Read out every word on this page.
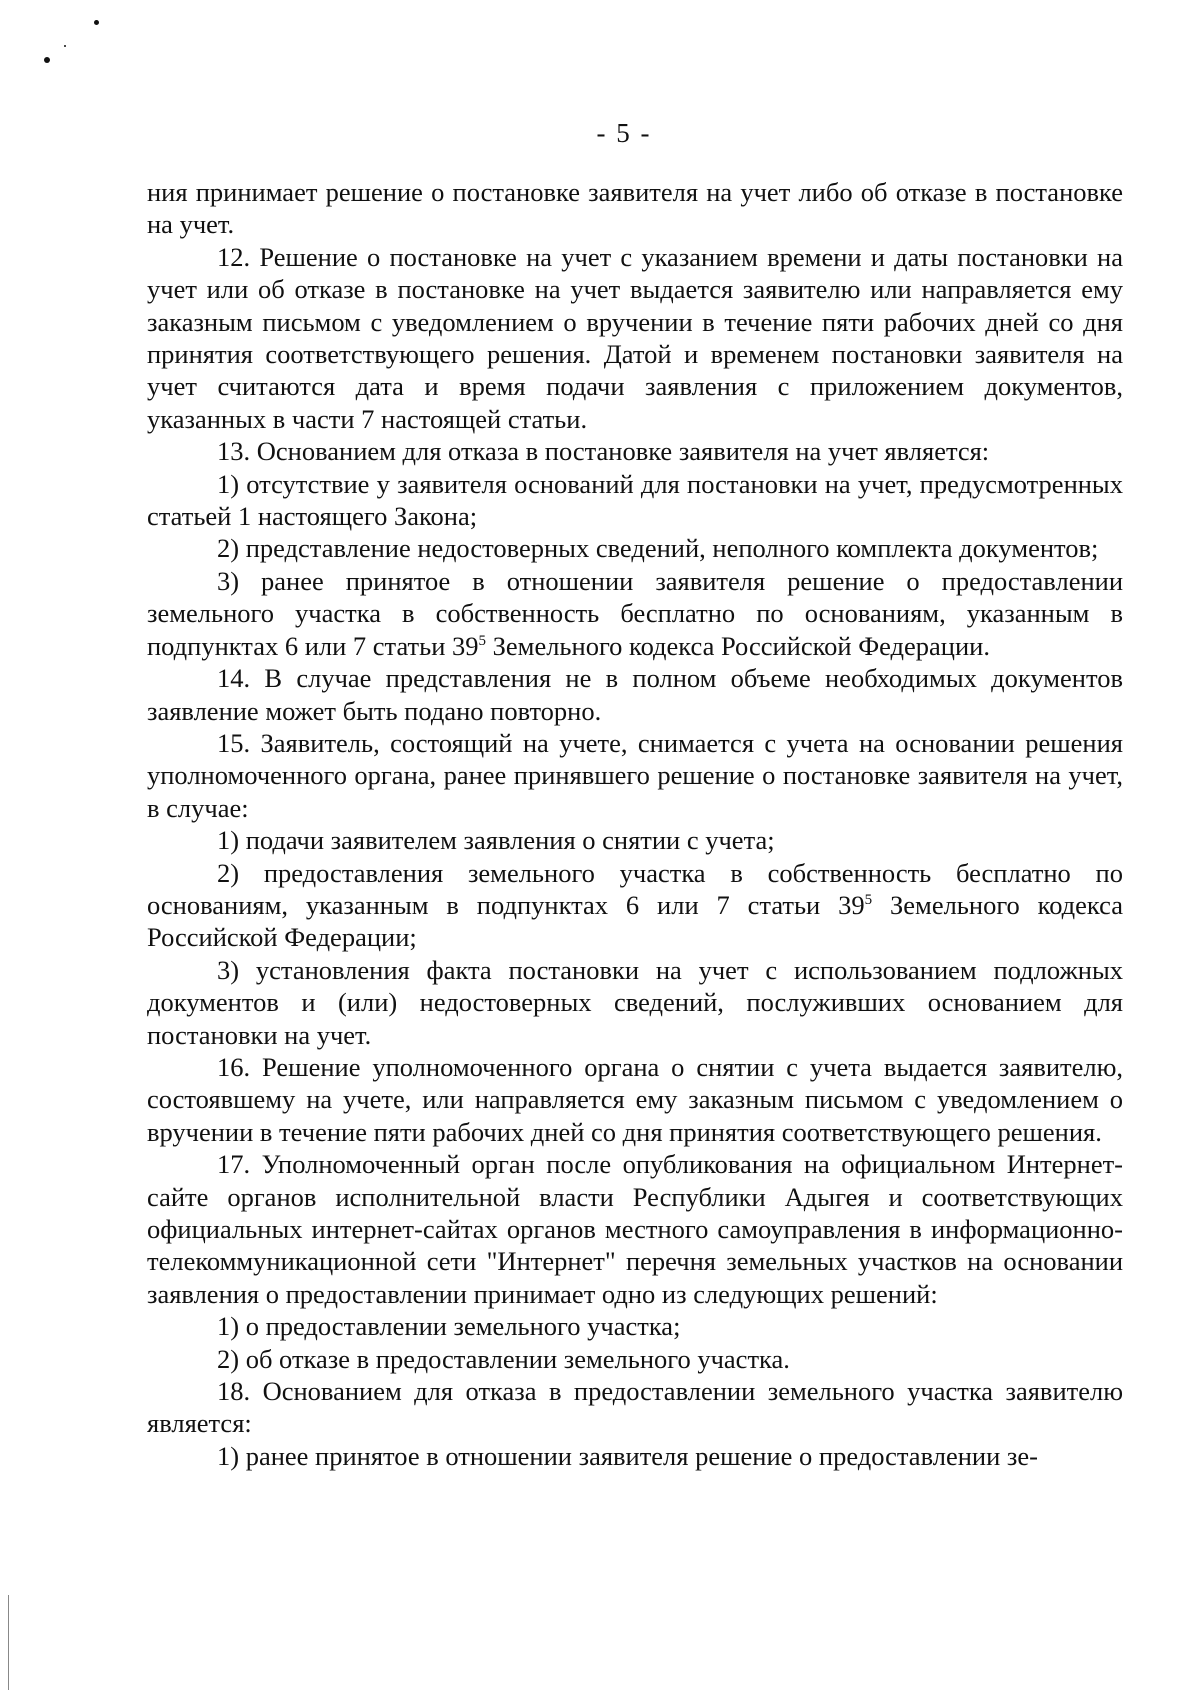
- 5 -

ния принимает решение о постановке заявителя на учет либо об отказе в постановке на учет.

12. Решение о постановке на учет с указанием времени и даты постановки на учет или об отказе в постановке на учет выдается заявителю или направляется ему заказным письмом с уведомлением о вручении в течение пяти рабочих дней со дня принятия соответствующего решения. Датой и временем постановки заявителя на учет считаются дата и время подачи заявления с приложением документов, указанных в части 7 настоящей статьи.

13. Основанием для отказа в постановке заявителя на учет является:

1) отсутствие у заявителя оснований для постановки на учет, предусмотренных статьей 1 настоящего Закона;

2) представление недостоверных сведений, неполного комплекта документов;

3) ранее принятое в отношении заявителя решение о предоставлении земельного участка в собственность бесплатно по основаниям, указанным в подпунктах 6 или 7 статьи $39^5$ Земельного кодекса Российской Федерации.

14. В случае представления не в полном объеме необходимых документов заявление может быть подано повторно.

15. Заявитель, состоящий на учете, снимается с учета на основании решения уполномоченного органа, ранее принявшего решение о постановке заявителя на учет, в случае:

1) подачи заявителем заявления о снятии с учета;

2) предоставления земельного участка в собственность бесплатно по основаниям, указанным в подпунктах 6 или 7 статьи $39^5$ Земельного кодекса Российской Федерации;

3) установления факта постановки на учет с использованием подложных документов и (или) недостоверных сведений, послуживших основанием для постановки на учет.

16. Решение уполномоченного органа о снятии с учета выдается заявителю, состоявшему на учете, или направляется ему заказным письмом с уведомлением о вручении в течение пяти рабочих дней со дня принятия соответствующего решения.

17. Уполномоченный орган после опубликования на официальном Интернет-сайте органов исполнительной власти Республики Адыгея и соответствующих официальных интернет-сайтах органов местного самоуправления в информационно-телекоммуникационной сети "Интернет" перечня земельных участков на основании заявления о предоставлении принимает одно из следующих решений:

1) о предоставлении земельного участка;

2) об отказе в предоставлении земельного участка.

18. Основанием для отказа в предоставлении земельного участка заявителю является:

1) ранее принятое в отношении заявителя решение о предоставлении зе-
